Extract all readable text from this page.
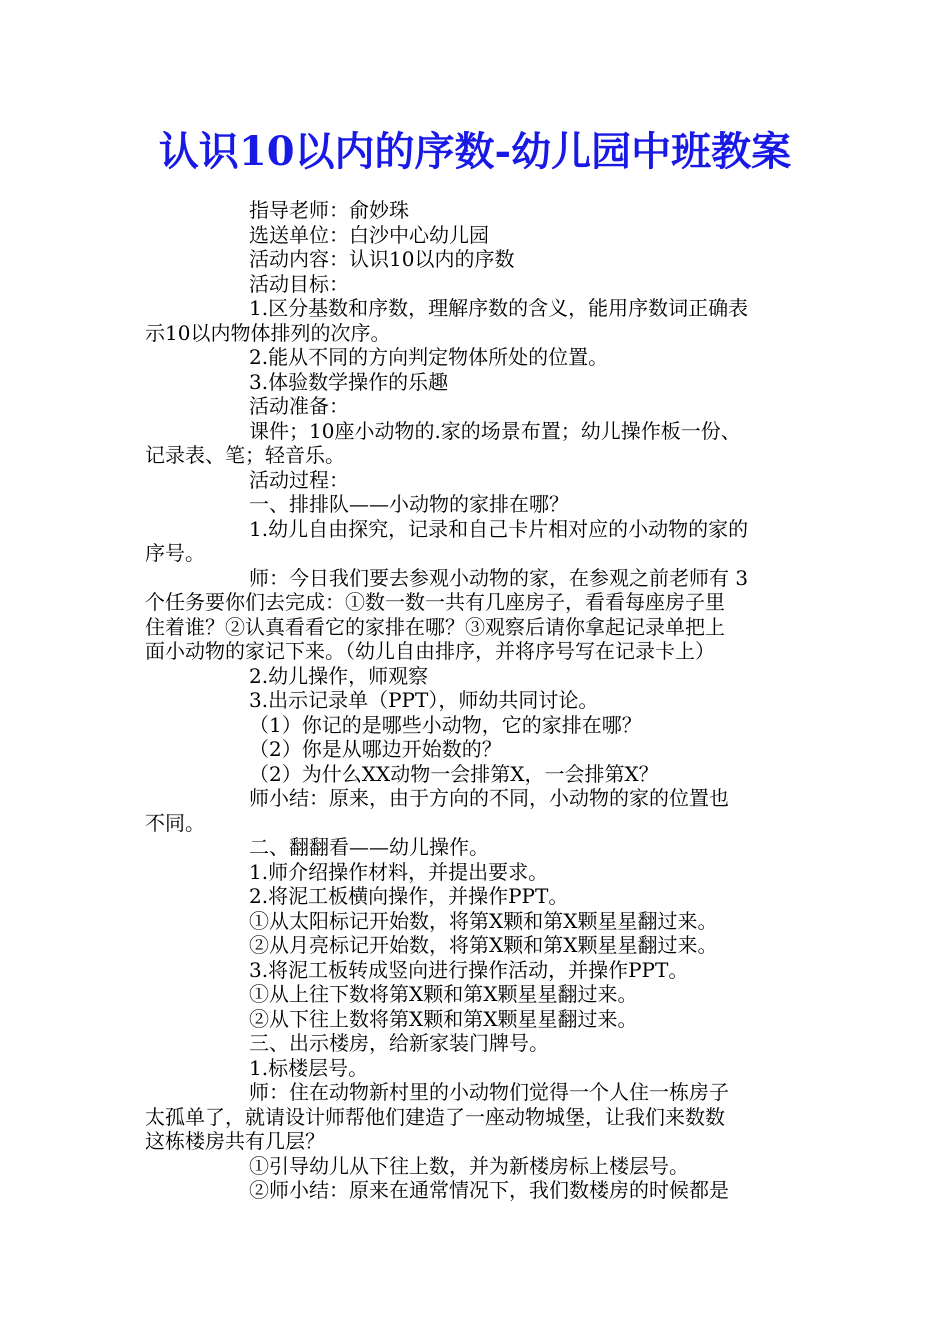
认识10以内的序数-幼儿园中班教案
指导老师：俞妙珠
选送单位：白沙中心幼儿园
活动内容：认识10以内的序数
活动目标：
1.区分基数和序数，理解序数的含义，能用序数词正确表
示10以内物体排列的次序。
2.能从不同的方向判定物体所处的位置。
3.体验数学操作的乐趣
活动准备：
课件；10座小动物的.家的场景布置；幼儿操作板一份、
记录表、笔；轻音乐。
活动过程：
一、排排队——小动物的家排在哪？
1.幼儿自由探究，记录和自己卡片相对应的小动物的家的
序号。
师：今日我们要去参观小动物的家，在参观之前老师有 3
个任务要你们去完成：①数一数一共有几座房子，看看每座房子里
住着谁？②认真看看它的家排在哪？③观察后请你拿起记录单把上
面小动物的家记下来。（幼儿自由排序，并将序号写在记录卡上）
2.幼儿操作，师观察
3.出示记录单（PPT），师幼共同讨论。
（1）你记的是哪些小动物，它的家排在哪？
（2）你是从哪边开始数的？
（2）为什么XX动物一会排第X，一会排第X？
师小结：原来，由于方向的不同，小动物的家的位置也
不同。
二、翻翻看——幼儿操作。
1.师介绍操作材料，并提出要求。
2.将泥工板横向操作，并操作PPT。
①从太阳标记开始数，将第X颗和第X颗星星翻过来。
②从月亮标记开始数，将第X颗和第X颗星星翻过来。
3.将泥工板转成竖向进行操作活动，并操作PPT。
①从上往下数将第X颗和第X颗星星翻过来。
②从下往上数将第X颗和第X颗星星翻过来。
三、出示楼房，给新家装门牌号。
1.标楼层号。
师：住在动物新村里的小动物们觉得一个人住一栋房子
太孤单了，就请设计师帮他们建造了一座动物城堡，让我们来数数
这栋楼房共有几层？
①引导幼儿从下往上数，并为新楼房标上楼层号。
②师小结：原来在通常情况下，我们数楼房的时候都是
